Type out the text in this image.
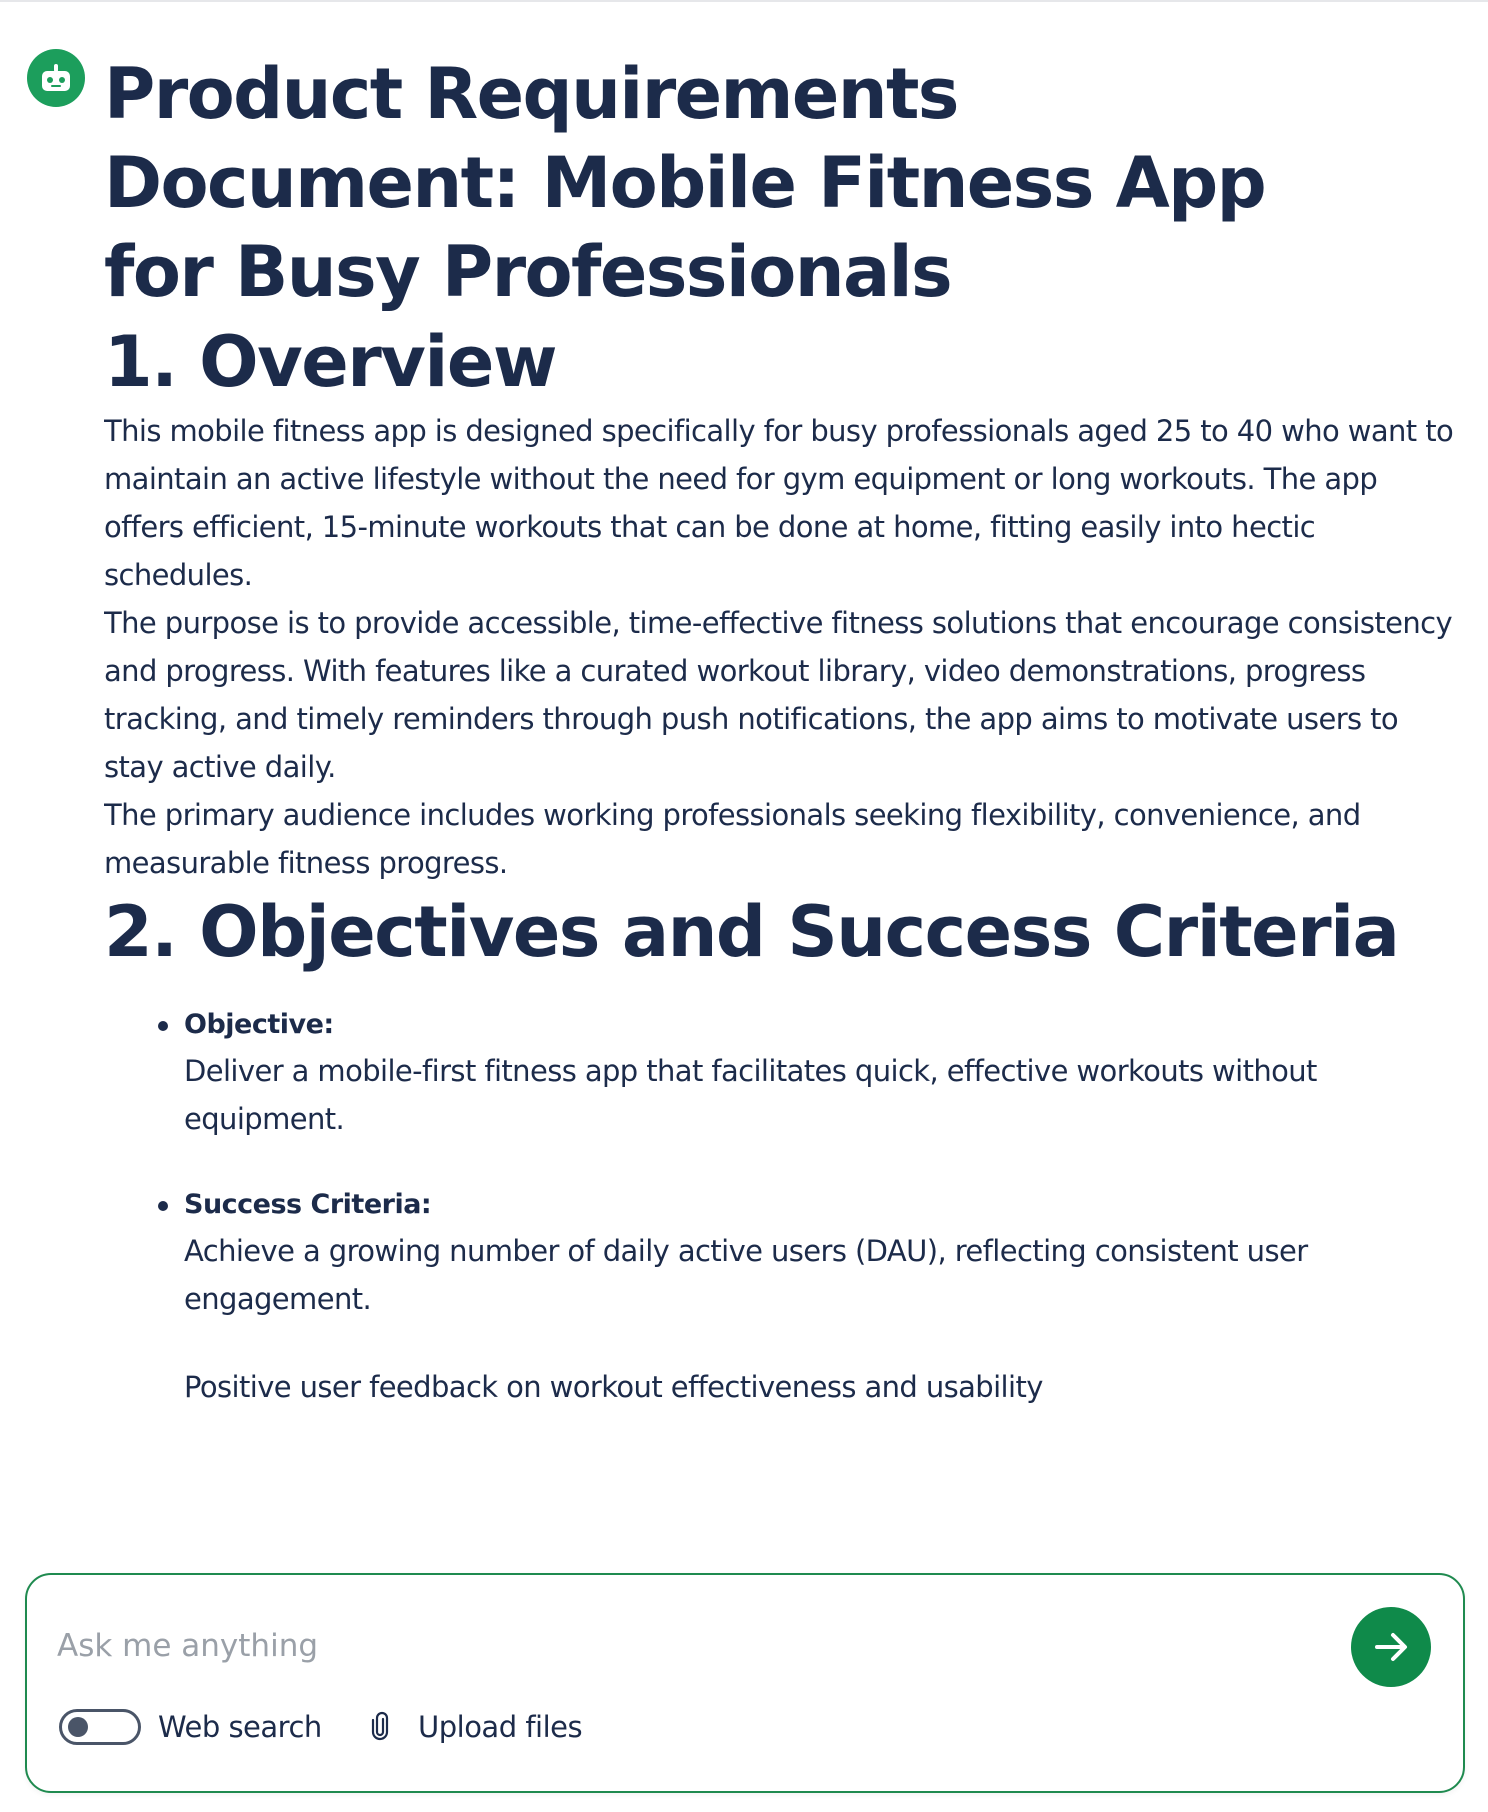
Product Requirements Document: Mobile Fitness App for Busy Professionals
1. Overview

This mobile fitness app is designed specifically for busy professionals aged 25 to 40 who want to maintain an active lifestyle without the need for gym equipment or long workouts. The app offers efficient, 15-minute workouts that can be done at home, fitting easily into hectic schedules.

The purpose is to provide accessible, time-effective fitness solutions that encourage consistency and progress. With features like a curated workout library, video demonstrations, progress tracking, and timely reminders through push notifications, the app aims to motivate users to stay active daily.

The primary audience includes working professionals seeking flexibility, convenience, and measurable fitness progress.

2. Objectives and Success Criteria
Objective:
Deliver a mobile-first fitness app that facilitates quick, effective workouts without equipment.
Success Criteria:
Achieve a growing number of daily active users (DAU), reflecting consistent user engagement.
Positive user feedback on workout effectiveness and usability
Ask me anything
Web search	Upload files
